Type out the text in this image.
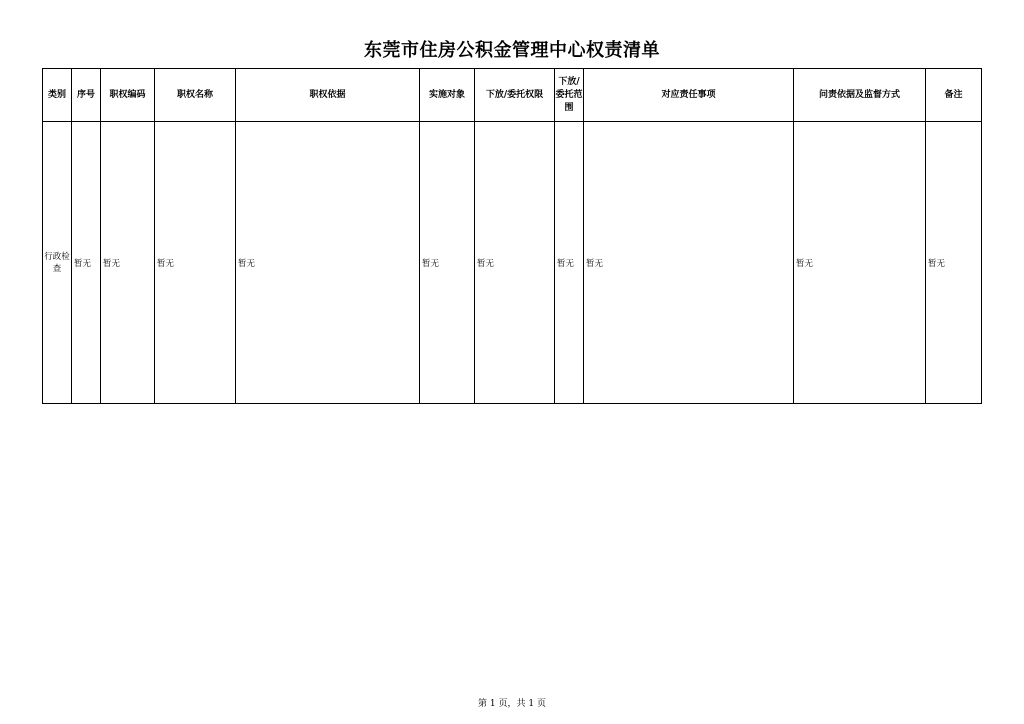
东莞市住房公积金管理中心权责清单
类别	序号	职权编码	职权名称	职权依据	实施对象	下放/委托权限	下放/委托范围	对应责任事项	问责依据及监督方式	备注
行政检查	暂无	暂无	暂无	暂无	暂无	暂无	暂无	暂无	暂无	暂无
第 1 页，共 1 页
